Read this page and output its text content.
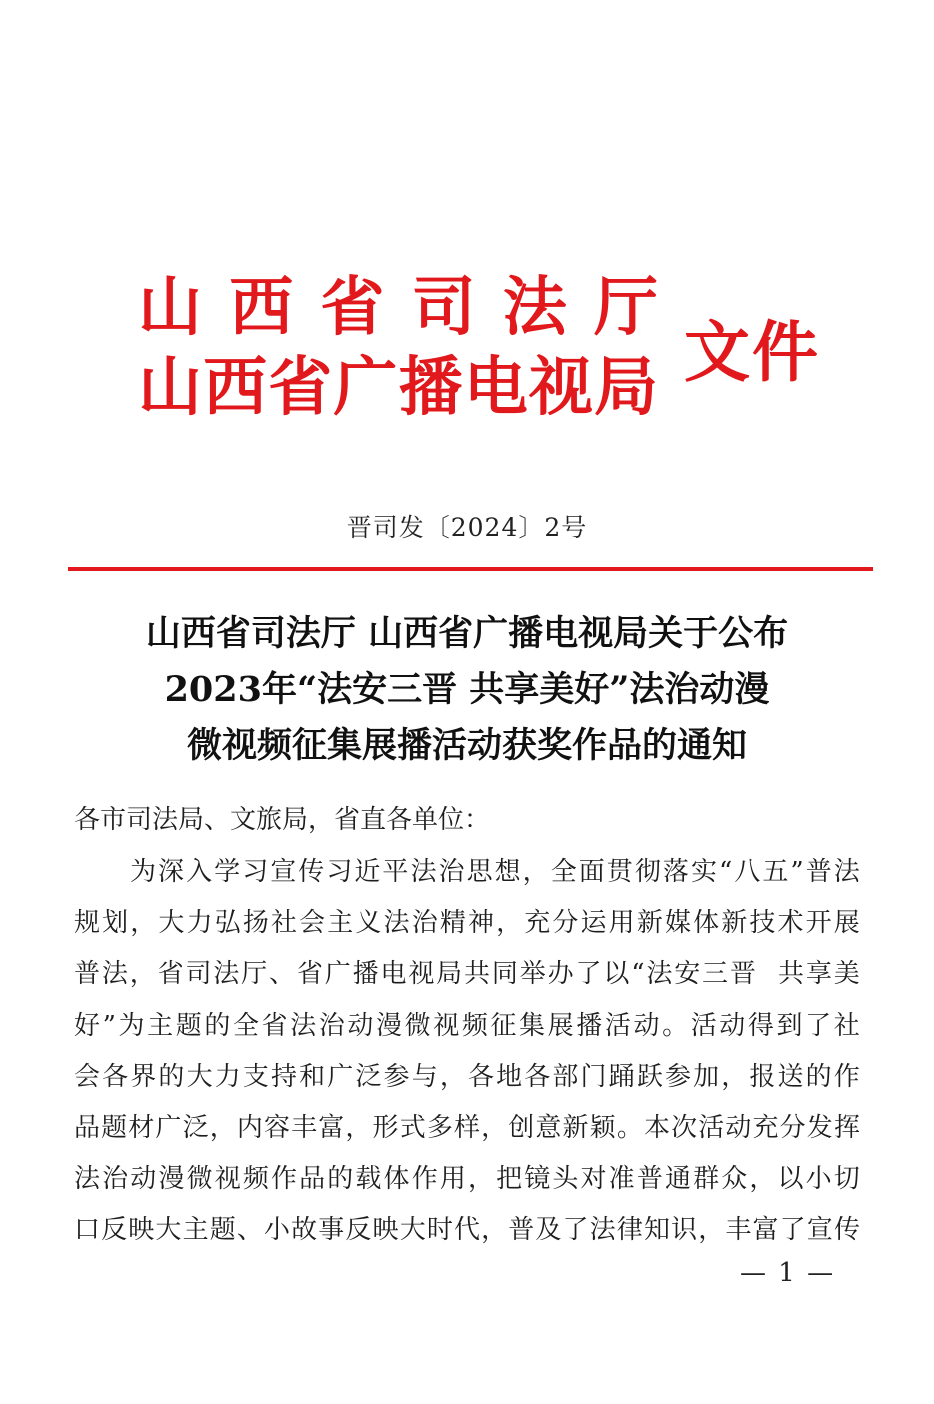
山 西 省 司 法 厅
山 西 省 广 播 电 视 局 文件
晋司发〔2024〕2号
山西省司法厅 山西省广播电视局关于公布
2023年“法安三晋 共享美好”法治动漫
微视频征集展播活动获奖作品的通知
各市司法局、文旅局，省直各单位：
为 深 入 学 习 宣 传 习 近 平 法 治 思 想 ， 全 面 贯 彻 落 实 “ 八 五 ” 普 法
规 划 ， 大 力 弘 扬 社 会 主 义 法 治 精 神 ， 充 分 运 用 新 媒 体 新 技 术 开 展
普 法 ， 省 司 法 厅 、 省 广 播 电 视 局 共 同 举 办 了 以 “ 法 安 三 晋

共 享 美
好 ” 为 主 题 的 全 省 法 治 动 漫 微 视 频 征 集 展 播 活 动 。 活 动 得 到 了 社
会 各 界 的 大 力 支 持 和 广 泛 参 与 ， 各 地 各 部 门 踊 跃 参 加 ， 报 送 的 作
品 题 材 广 泛 ， 内 容 丰 富 ， 形 式 多 样 ， 创 意 新 颖 。 本 次 活 动 充 分 发 挥
法 治 动 漫 微 视 频 作 品 的 载 体 作 用 ， 把 镜 头 对 准 普 通 群 众 ， 以 小 切
口 反 映 大 主 题 、 小 故 事 反 映 大 时 代 ， 普 及 了 法 律 知 识 ， 丰 富 了 宣 传
— 1 —
